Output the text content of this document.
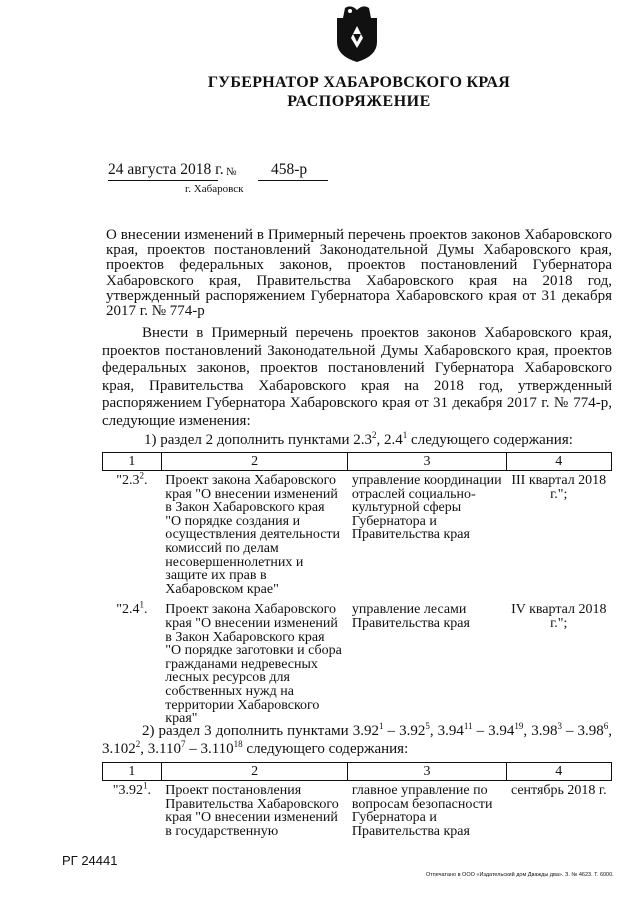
ГУБЕРНАТОР ХАБАРОВСКОГО КРАЯ
РАСПОРЯЖЕНИЕ
24 августа 2018 г. № 458-р
г. Хабаровск
О внесении изменений в Примерный перечень проектов законов Хабаровского края, проектов постановлений Законодательной Думы Хабаровского края, проектов федеральных законов, проектов постановлений Губернатора Хабаровского края, Правительства Хабаровского края на 2018 год, утвержденный распоряжением Губернатора Хабаровского края от 31 декабря 2017 г. № 774-р
Внести в Примерный перечень проектов законов Хабаровского края, проектов постановлений Законодательной Думы Хабаровского края, проектов федеральных законов, проектов постановлений Губернатора Хабаровского края, Правительства Хабаровского края на 2018 год, утвержденный распоряжением Губернатора Хабаровского края от 31 декабря 2017 г. № 774-р, следующие изменения:
1) раздел 2 дополнить пунктами $2.3^2$, $2.4^1$ следующего содержания:
1	2	3	4
"$2.3^2$.	Проект закона Хабаровского края "О внесении изменений в Закон Хабаровского края "О порядке создания и осуществления деятельности комиссий по делам несовершеннолетних и защите их прав в Хабаровском крае"	управление координации отраслей социально-культурной сферы Губернатора и Правительства края	III квартал 2018 г.";
"$2.4^1$.	Проект закона Хабаровского края "О внесении изменений в Закон Хабаровского края "О порядке заготовки и сбора гражданами недревесных лесных ресурсов для собственных нужд на территории Хабаровского края"	управление лесами Правительства края	IV квартал 2018 г.";
2) раздел 3 дополнить пунктами 3.92$^1$ – 3.92$^5$, 3.94$^{11}$ – 3.94$^{19}$, 3.98$^3$ – 3.98$^6$, 3.102$^2$, 3.110$^7$ – 3.110$^{18}$ следующего содержания:
1	2	3	4
"3.92$^1$.	Проект постановления Правительства Хабаровского края "О внесении изменений в государственную	главное управление по вопросам безопасности Губернатора и Правительства края	сентябрь 2018 г.
РГ 24441
Отпечатано в ООО «Издательский дом Дважды два». З. № 4623. Т. 6000.
